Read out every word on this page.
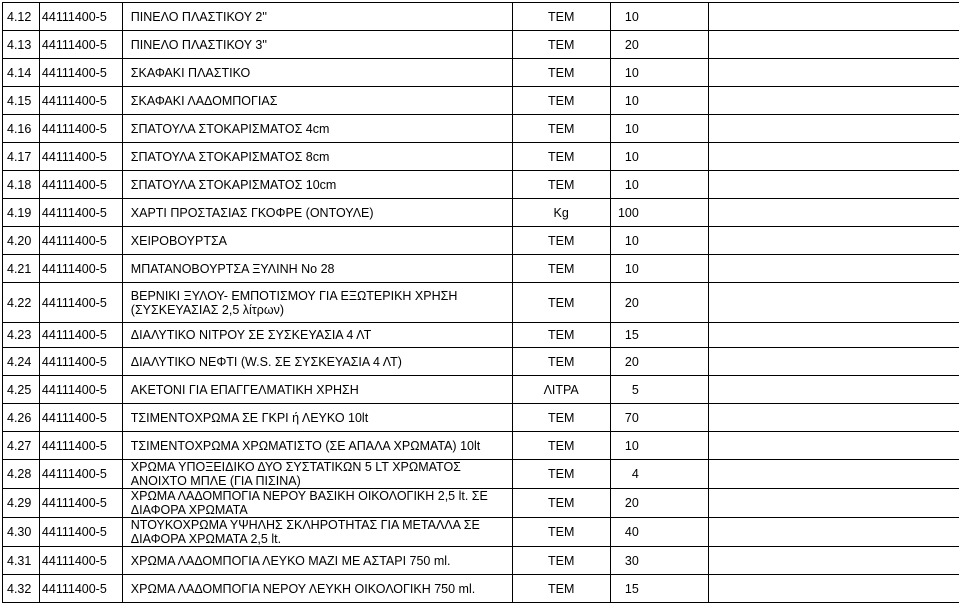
4.12	44111400-5	ΠΙΝΕΛΟ ΠΛΑΣΤΙΚΟΥ 2''	ΤΕΜ	10	
4.13	44111400-5	ΠΙΝΕΛΟ ΠΛΑΣΤΙΚΟΥ 3''	ΤΕΜ	20	
4.14	44111400-5	ΣΚΑΦΑΚΙ ΠΛΑΣΤΙΚΟ	ΤΕΜ	10	
4.15	44111400-5	ΣΚΑΦΑΚΙ ΛΑΔΟΜΠΟΓΙΑΣ	ΤΕΜ	10	
4.16	44111400-5	ΣΠΑΤΟΥΛΑ ΣΤΟΚΑΡΙΣΜΑΤΟΣ 4cm	ΤΕΜ	10	
4.17	44111400-5	ΣΠΑΤΟΥΛΑ ΣΤΟΚΑΡΙΣΜΑΤΟΣ 8cm	ΤΕΜ	10	
4.18	44111400-5	ΣΠΑΤΟΥΛΑ ΣΤΟΚΑΡΙΣΜΑΤΟΣ 10cm	ΤΕΜ	10	
4.19	44111400-5	ΧΑΡΤΙ ΠΡΟΣΤΑΣΙΑΣ ΓΚΟΦΡΕ (ΟΝΤΟΥΛΕ)	Kg	100	
4.20	44111400-5	ΧΕΙΡΟΒΟΥΡΤΣΑ	ΤΕΜ	10	
4.21	44111400-5	ΜΠΑΤΑΝΟΒΟΥΡΤΣΑ ΞΥΛΙΝΗ Νο 28	ΤΕΜ	10	
4.22	44111400-5	ΒΕΡΝΙΚΙ ΞΥΛΟΥ- ΕΜΠΟΤΙΣΜΟΥ ΓΙΑ ΕΞΩΤΕΡΙΚΗ ΧΡΗΣΗ (ΣΥΣΚΕΥΑΣΙΑΣ 2,5 λίτρων)	ΤΕΜ	20	
4.23	44111400-5	ΔΙΑΛΥΤΙΚΟ ΝΙΤΡΟΥ ΣΕ ΣΥΣΚΕΥΑΣΙΑ 4 ΛΤ	ΤΕΜ	15	
4.24	44111400-5	ΔΙΑΛΥΤΙΚΟ ΝΕΦΤΙ (W.S. ΣΕ ΣΥΣΚΕΥΑΣΙΑ 4 ΛΤ)	ΤΕΜ	20	
4.25	44111400-5	ΑΚΕΤΟΝΙ ΓΙΑ ΕΠΑΓΓΕΛΜΑΤΙΚΗ ΧΡΗΣΗ	ΛΙΤΡΑ	5	
4.26	44111400-5	ΤΣΙΜΕΝΤΟΧΡΩΜΑ ΣΕ ΓΚΡΙ ή ΛΕΥΚΟ 10lt	ΤΕΜ	70	
4.27	44111400-5	ΤΣΙΜΕΝΤΟΧΡΩΜΑ ΧΡΩΜΑΤΙΣΤΟ (ΣΕ ΑΠΑΛΑ ΧΡΩΜΑΤΑ) 10lt	ΤΕΜ	10	
4.28	44111400-5	ΧΡΩΜΑ ΥΠΟΞΕΙΔΙΚΟ ΔΥΟ ΣΥΣΤΑΤΙΚΩΝ 5 LT ΧΡΩΜΑΤΟΣ ΑΝΟΙΧΤΟ ΜΠΛΕ (ΓΙΑ ΠΙΣΙΝΑ)	ΤΕΜ	4	
4.29	44111400-5	ΧΡΩΜΑ ΛΑΔΟΜΠΟΓΙΑ ΝΕΡΟΥ ΒΑΣΙΚΗ ΟΙΚΟΛΟΓΙΚΗ 2,5 lt. ΣΕ ΔΙΑΦΟΡΑ ΧΡΩΜΑΤΑ	ΤΕΜ	20	
4.30	44111400-5	ΝΤΟΥΚΟΧΡΩΜΑ ΥΨΗΛΗΣ ΣΚΛΗΡΟΤΗΤΑΣ ΓΙΑ ΜΕΤΑΛΛΑ ΣΕ ΔΙΑΦΟΡΑ ΧΡΩΜΑΤΑ 2,5 lt.	ΤΕΜ	40	
4.31	44111400-5	ΧΡΩΜΑ ΛΑΔΟΜΠΟΓΙΑ ΛΕΥΚΟ ΜΑΖΙ ΜΕ ΑΣΤΑΡΙ 750 ml.	ΤΕΜ	30	
4.32	44111400-5	ΧΡΩΜΑ ΛΑΔΟΜΠΟΓΙΑ ΝΕΡΟΥ ΛΕΥΚΗ ΟΙΚΟΛΟΓΙΚΗ 750 ml.	ΤΕΜ	15	
